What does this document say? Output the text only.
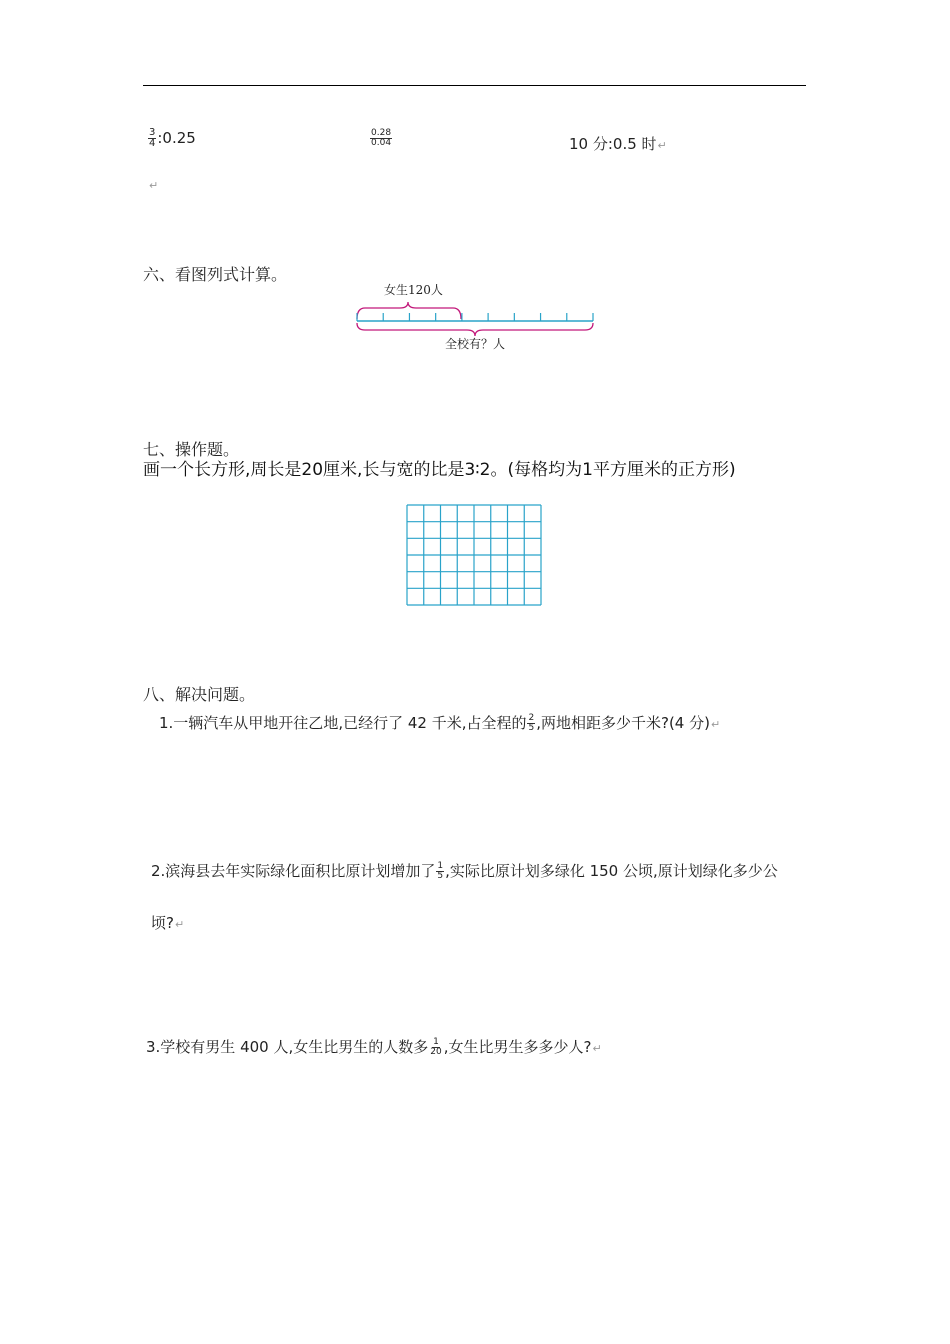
$\frac{3}{4}$ :0.25
↵
$\frac{0.28}{0.04}$	10 分:0.5 时↵
六、看图列式计算。
女生120人
全校有？人
七、操作题。
画一个长方形,周长是20厘米,长与宽的比是3∶2。(每格均为1平方厘米的正方形)
八、解决问题。
1.一辆汽车从甲地开往乙地,已经行了 42 千米,占全程的 $\frac{2}{5}$ ,两地相距多少千米?(4 分)↵
2.滨海县去年实际绿化面积比原计划增加了 $\frac{1}{5}$ ,实际比原计划多绿化 150 公顷,原计划绿化多少公
顷?↵
3.学校有男生 400 人,女生比男生的人数多 $\frac{1}{20}$ ,女生比男生多多少人?↵
